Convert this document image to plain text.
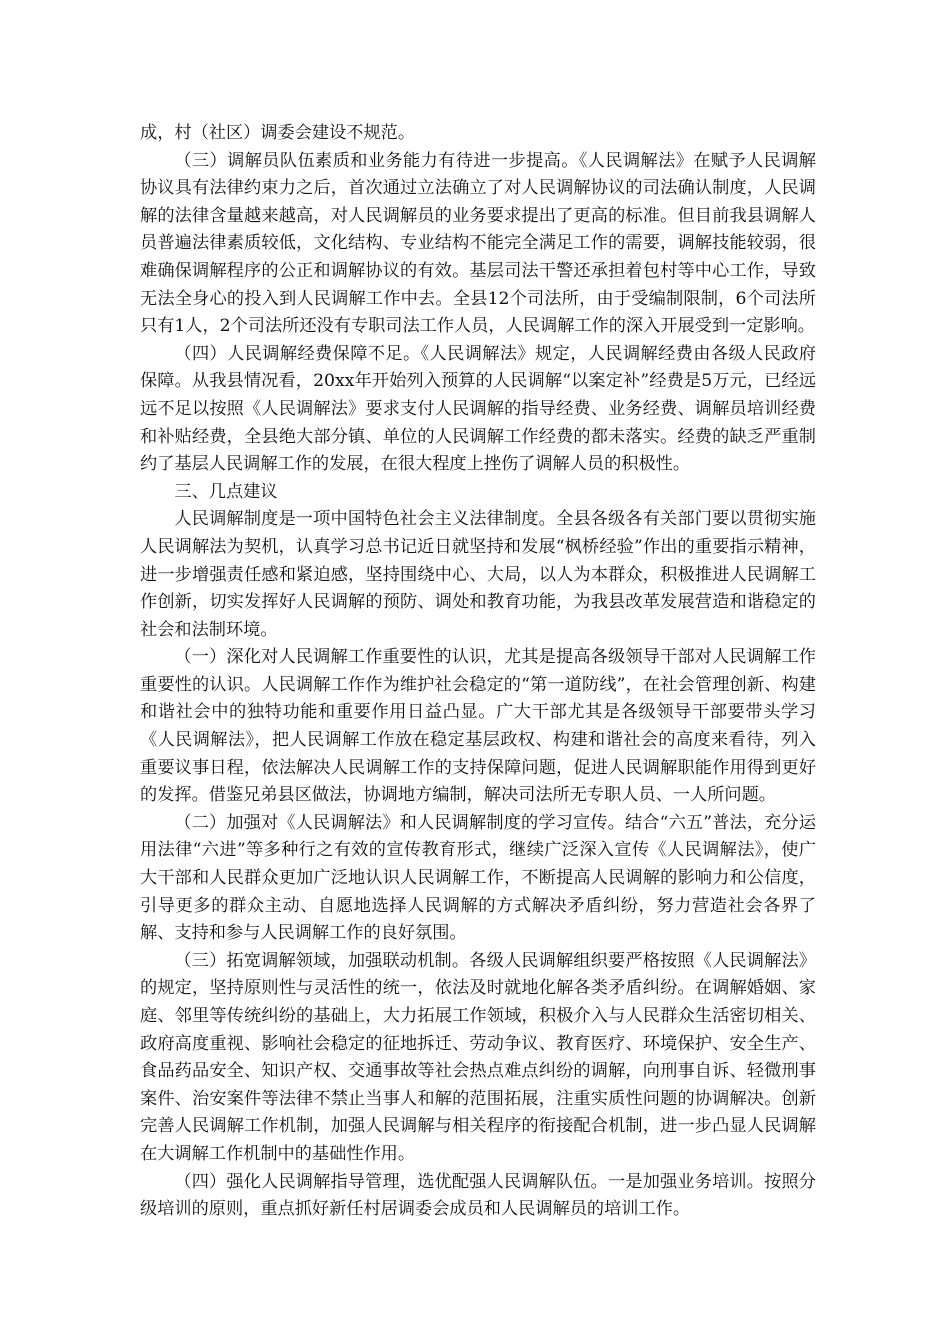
成，村（社区）调委会建设不规范。

（三）调解员队伍素质和业务能力有待进一步提高。《人民调解法》在赋予人民调解协议具有法律约束力之后，首次通过立法确立了对人民调解协议的司法确认制度，人民调解的法律含量越来越高，对人民调解员的业务要求提出了更高的标准。但目前我县调解人员普遍法律素质较低，文化结构、专业结构不能完全满足工作的需要，调解技能较弱，很难确保调解程序的公正和调解协议的有效。基层司法干警还承担着包村等中心工作，导致无法全身心的投入到人民调解工作中去。全县12个司法所，由于受编制限制，6个司法所只有1人，2个司法所还没有专职司法工作人员，人民调解工作的深入开展受到一定影响。

（四）人民调解经费保障不足。《人民调解法》规定，人民调解经费由各级人民政府保障。从我县情况看，20xx年开始列入预算的人民调解“以案定补”经费是5万元，已经远远不足以按照《人民调解法》要求支付人民调解的指导经费、业务经费、调解员培训经费和补贴经费，全县绝大部分镇、单位的人民调解工作经费的都未落实。经费的缺乏严重制约了基层人民调解工作的发展，在很大程度上挫伤了调解人员的积极性。

三、几点建议

人民调解制度是一项中国特色社会主义法律制度。全县各级各有关部门要以贯彻实施人民调解法为契机，认真学习总书记近日就坚持和发展“枫桥经验”作出的重要指示精神，进一步增强责任感和紧迫感，坚持围绕中心、大局，以人为本群众，积极推进人民调解工作创新，切实发挥好人民调解的预防、调处和教育功能，为我县改革发展营造和谐稳定的社会和法制环境。

（一）深化对人民调解工作重要性的认识，尤其是提高各级领导干部对人民调解工作重要性的认识。人民调解工作作为维护社会稳定的“第一道防线”，在社会管理创新、构建和谐社会中的独特功能和重要作用日益凸显。广大干部尤其是各级领导干部要带头学习《人民调解法》，把人民调解工作放在稳定基层政权、构建和谐社会的高度来看待，列入重要议事日程，依法解决人民调解工作的支持保障问题，促进人民调解职能作用得到更好的发挥。借鉴兄弟县区做法，协调地方编制，解决司法所无专职人员、一人所问题。

（二）加强对《人民调解法》和人民调解制度的学习宣传。结合“六五”普法，充分运用法律“六进”等多种行之有效的宣传教育形式，继续广泛深入宣传《人民调解法》，使广大干部和人民群众更加广泛地认识人民调解工作，不断提高人民调解的影响力和公信度，引导更多的群众主动、自愿地选择人民调解的方式解决矛盾纠纷，努力营造社会各界了解、支持和参与人民调解工作的良好氛围。

（三）拓宽调解领域，加强联动机制。各级人民调解组织要严格按照《人民调解法》的规定，坚持原则性与灵活性的统一，依法及时就地化解各类矛盾纠纷。在调解婚姻、家庭、邻里等传统纠纷的基础上，大力拓展工作领域，积极介入与人民群众生活密切相关、政府高度重视、影响社会稳定的征地拆迁、劳动争议、教育医疗、环境保护、安全生产、食品药品安全、知识产权、交通事故等社会热点难点纠纷的调解，向刑事自诉、轻微刑事案件、治安案件等法律不禁止当事人和解的范围拓展，注重实质性问题的协调解决。创新完善人民调解工作机制，加强人民调解与相关程序的衔接配合机制，进一步凸显人民调解在大调解工作机制中的基础性作用。

（四）强化人民调解指导管理，选优配强人民调解队伍。一是加强业务培训。按照分级培训的原则，重点抓好新任村居调委会成员和人民调解员的培训工作。
